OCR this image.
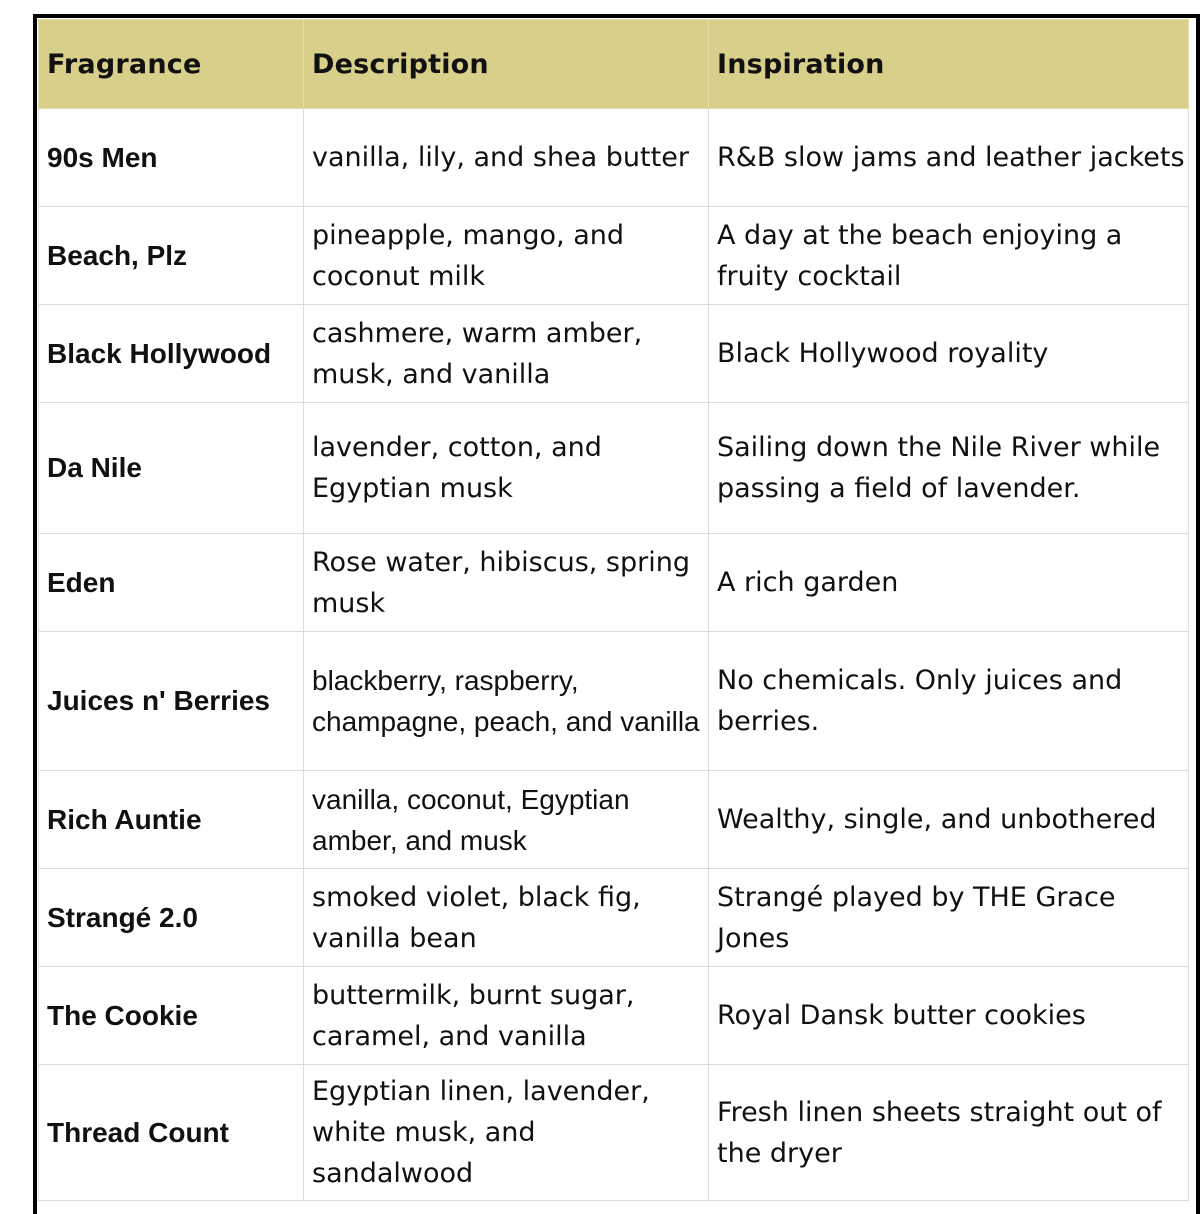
Fragrance	Description	Inspiration
90s Men	vanilla, lily, and shea butter	R&B slow jams and leather jackets
Beach, Plz	pineapple, mango, and coconut milk	A day at the beach enjoying a fruity cocktail
Black Hollywood	cashmere, warm amber, musk, and vanilla	Black Hollywood royality
Da Nile	lavender, cotton, and Egyptian musk	Sailing down the Nile River while passing a field of lavender.
Eden	Rose water, hibiscus, spring musk	A rich garden
Juices n' Berries	blackberry, raspberry, champagne, peach, and vanilla	No chemicals. Only juices and berries.
Rich Auntie	vanilla, coconut, Egyptian amber, and musk	Wealthy, single, and unbothered
Strangé 2.0	smoked violet, black fig, vanilla bean	Strangé played by THE Grace Jones
The Cookie	buttermilk, burnt sugar, caramel, and vanilla	Royal Dansk butter cookies
Thread Count	Egyptian linen, lavender, white musk, and sandalwood	Fresh linen sheets straight out of the dryer
